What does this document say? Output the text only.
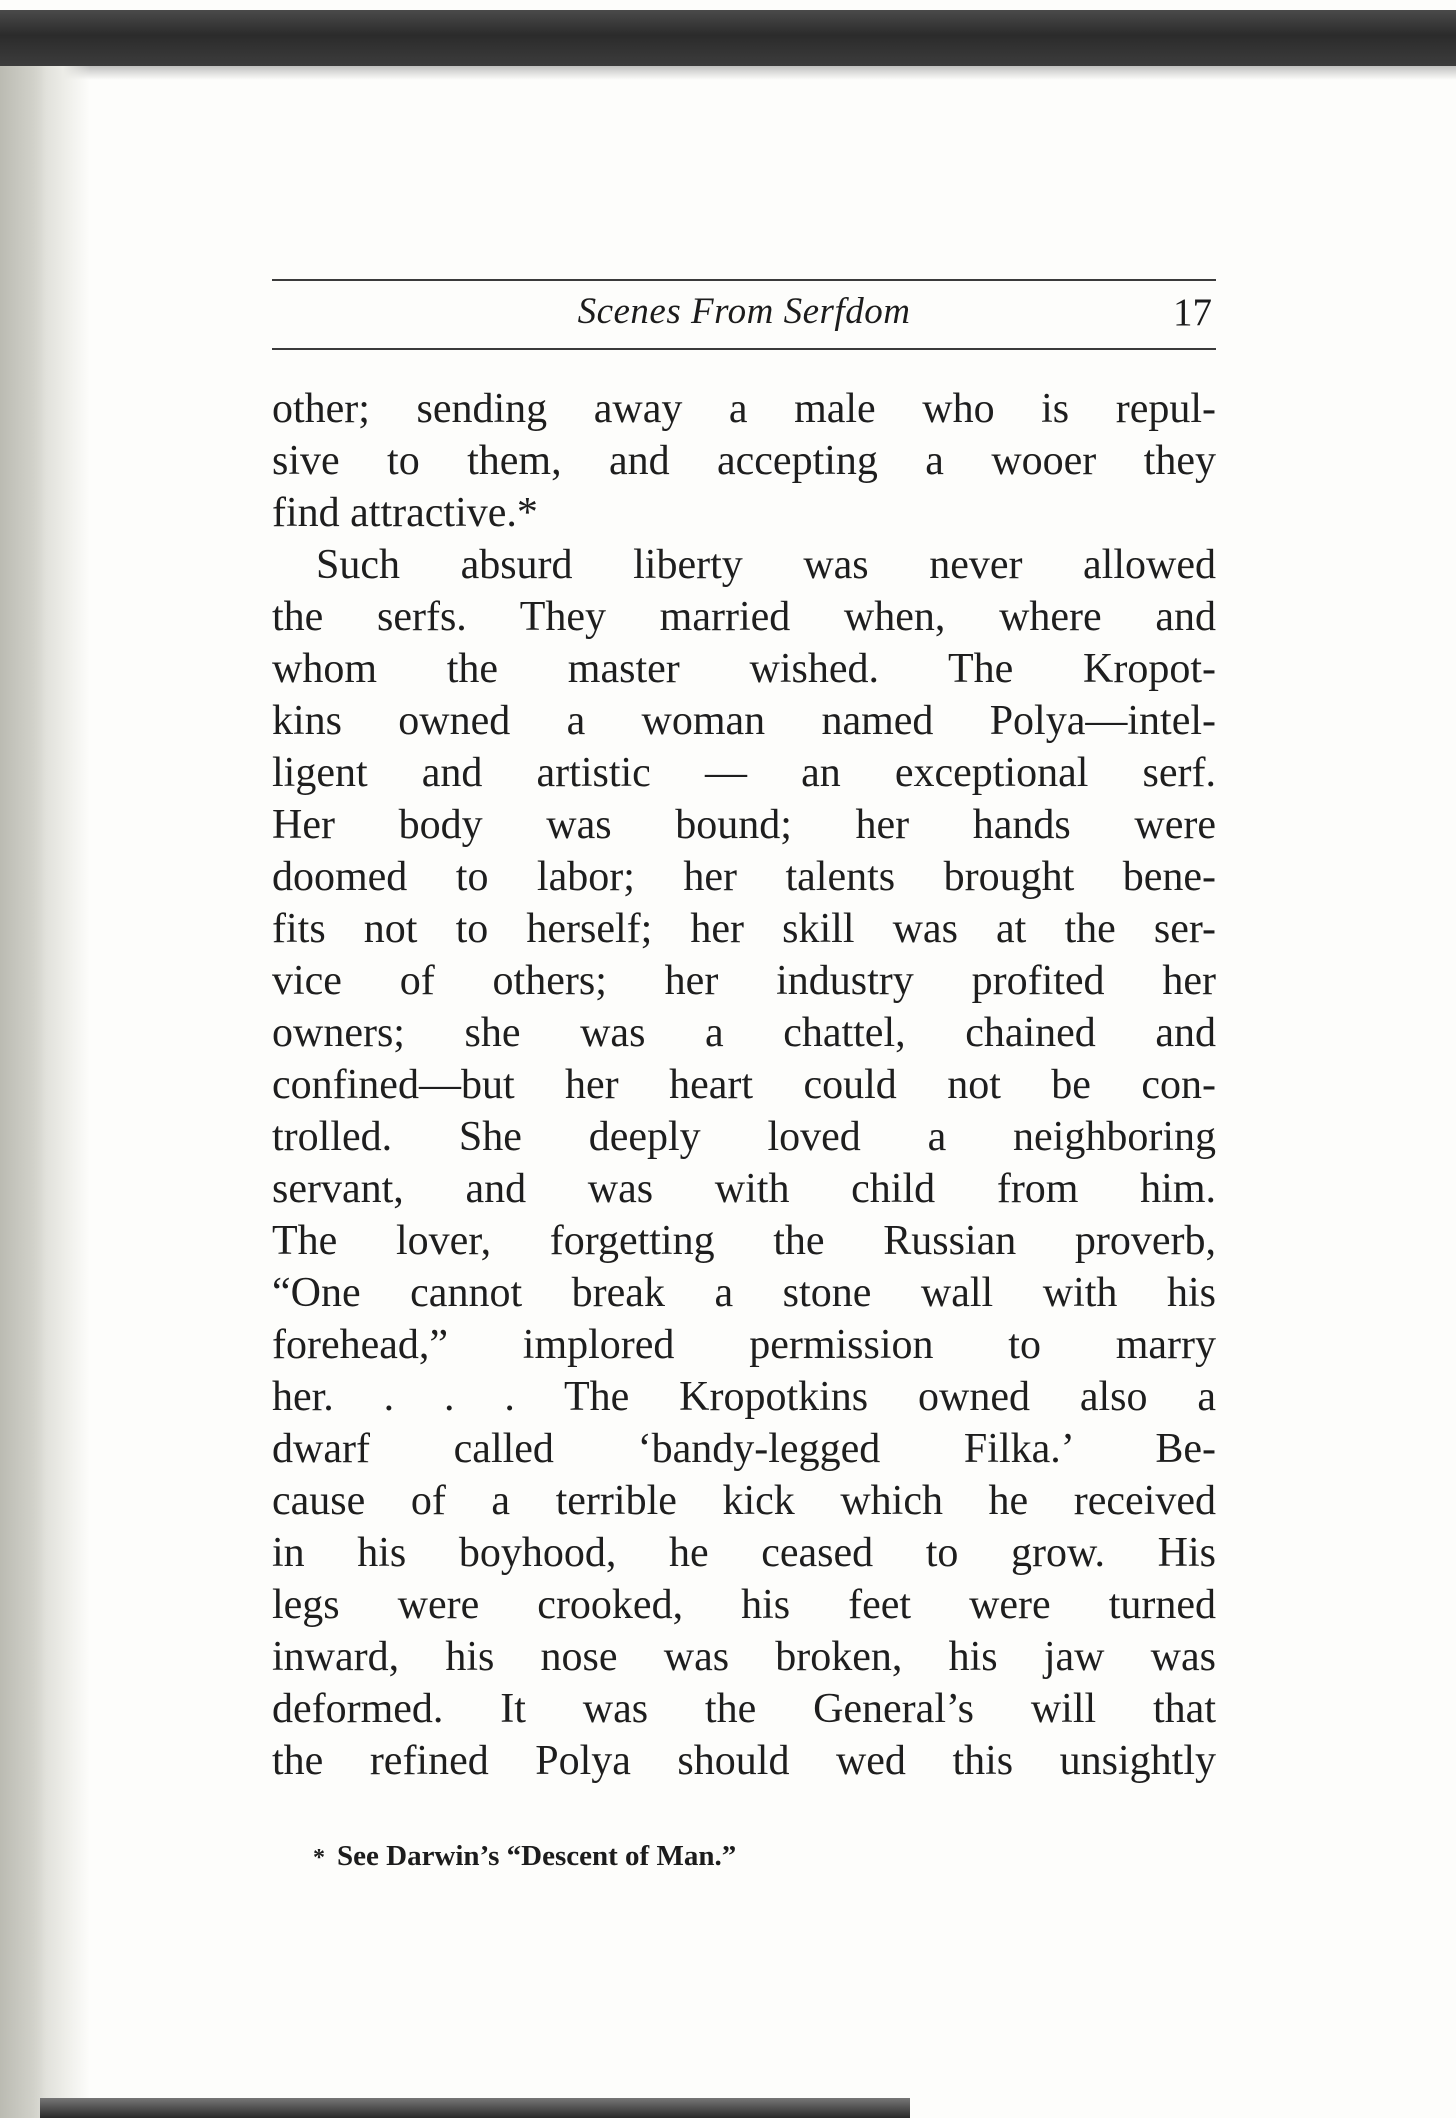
Scenes From Serfdom	17
other; sending away a male who is repul-
sive to them, and accepting a wooer they
find attractive.*
Such absurd liberty was never allowed
the serfs. They married when, where and
whom the master wished. The Kropot-
kins owned a woman named Polya—intel-
ligent and artistic — an exceptional serf.
Her body was bound; her hands were
doomed to labor; her talents brought bene-
fits not to herself; her skill was at the ser-
vice of others; her industry profited her
owners; she was a chattel, chained and
confined—but her heart could not be con-
trolled. She deeply loved a neighboring
servant, and was with child from him.
The lover, forgetting the Russian proverb,
“One cannot break a stone wall with his
forehead,” implored permission to marry
her. . . . The Kropotkins owned also a
dwarf called ‘bandy-legged Filka.’ Be-
cause of a terrible kick which he received
in his boyhood, he ceased to grow. His
legs were crooked, his feet were turned
inward, his nose was broken, his jaw was
deformed. It was the General’s will that
the refined Polya should wed this unsightly
* See Darwin’s “Descent of Man.”
